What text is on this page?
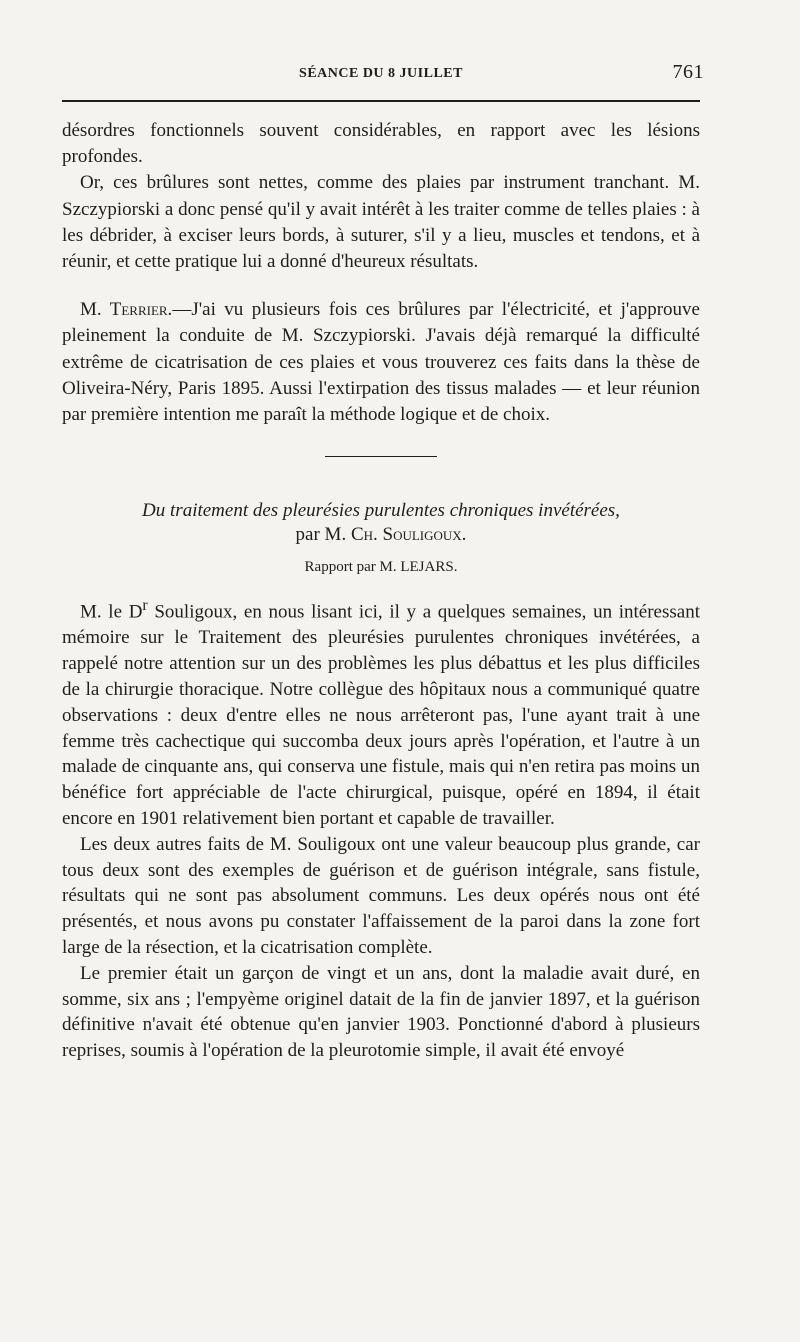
SÉANCE DU 8 JUILLET	761

désordres fonctionnels souvent considérables, en rapport avec les lésions profondes.

Or, ces brûlures sont nettes, comme des plaies par instrument tranchant. M. Szczypiorski a donc pensé qu'il y avait intérêt à les traiter comme de telles plaies : à les débrider, à exciser leurs bords, à suturer, s'il y a lieu, muscles et tendons, et à réunir, et cette pratique lui a donné d'heureux résultats.

M. Terrier.—J'ai vu plusieurs fois ces brûlures par l'électricité, et j'approuve pleinement la conduite de M. Szczypiorski. J'avais déjà remarqué la difficulté extrême de cicatrisation de ces plaies et vous trouverez ces faits dans la thèse de Oliveira-Néry, Paris 1895. Aussi l'extirpation des tissus malades — et leur réunion par première intention me paraît la méthode logique et de choix.

Du traitement des pleurésies purulentes chroniques invétérées,
par M. Ch. Souligoux.
Rapport par M. LEJARS.

M. le $D^r$ Souligoux, en nous lisant ici, il y a quelques semaines, un intéressant mémoire sur le Traitement des pleurésies purulentes chroniques invétérées, a rappelé notre attention sur un des problèmes les plus débattus et les plus difficiles de la chirurgie thoracique. Notre collègue des hôpitaux nous a communiqué quatre observations : deux d'entre elles ne nous arrêteront pas, l'une ayant trait à une femme très cachectique qui succomba deux jours après l'opération, et l'autre à un malade de cinquante ans, qui conserva une fistule, mais qui n'en retira pas moins un bénéfice fort appréciable de l'acte chirurgical, puisque, opéré en 1894, il était encore en 1901 relativement bien portant et capable de travailler.

Les deux autres faits de M. Souligoux ont une valeur beaucoup plus grande, car tous deux sont des exemples de guérison et de guérison intégrale, sans fistule, résultats qui ne sont pas absolument communs. Les deux opérés nous ont été présentés, et nous avons pu constater l'affaissement de la paroi dans la zone fort large de la résection, et la cicatrisation complète.

Le premier était un garçon de vingt et un ans, dont la maladie avait duré, en somme, six ans ; l'empyème originel datait de la fin de janvier 1897, et la guérison définitive n'avait été obtenue qu'en janvier 1903. Ponctionné d'abord à plusieurs reprises, soumis à l'opération de la pleurotomie simple, il avait été envoyé
